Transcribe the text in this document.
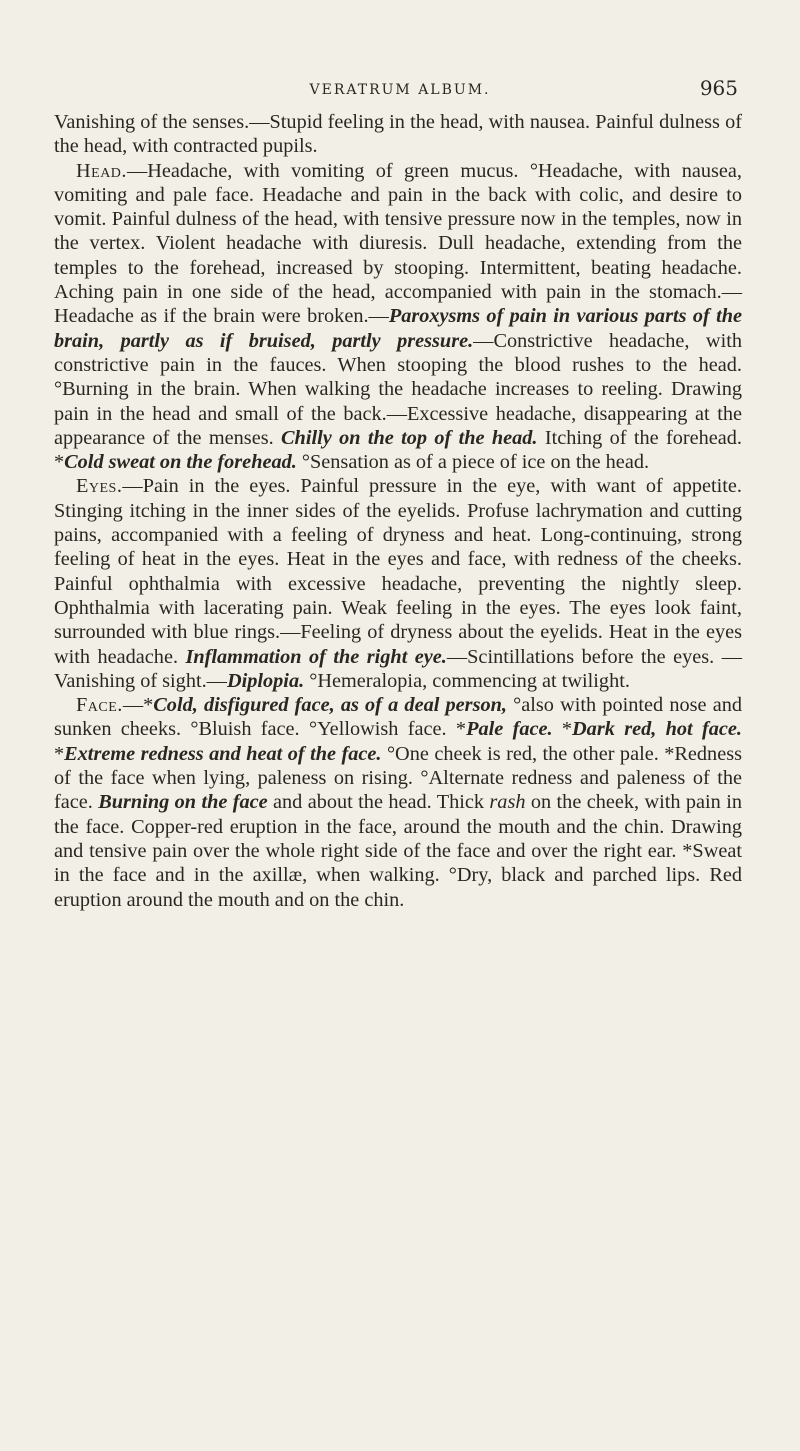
VERATRUM ALBUM.	965

Vanishing of the senses.—Stupid feeling in the head, with nausea. Painful dulness of the head, with contracted pupils.

Head.—Headache, with vomiting of green mucus. °Headache, with nausea, vomiting and pale face. Headache and pain in the back with colic, and desire to vomit. Painful dulness of the head, with tensive pressure now in the temples, now in the vertex. Violent headache with diuresis. Dull headache, extending from the temples to the forehead, increased by stooping. Intermittent, beating headache. Aching pain in one side of the head, accompanied with pain in the stomach.—Headache as if the brain were broken.—Paroxysms of pain in various parts of the brain, partly as if bruised, partly pressure.—Constrictive headache, with constrictive pain in the fauces. When stooping the blood rushes to the head. °Burning in the brain. When walking the headache increases to reeling. Drawing pain in the head and small of the back.—Excessive headache, disappearing at the appearance of the menses. Chilly on the top of the head. Itching of the forehead. *Cold sweat on the forehead. °Sensation as of a piece of ice on the head.

Eyes.—Pain in the eyes. Painful pressure in the eye, with want of appetite. Stinging itching in the inner sides of the eyelids. Profuse lachrymation and cutting pains, accompanied with a feeling of dryness and heat. Long-continuing, strong feeling of heat in the eyes. Heat in the eyes and face, with redness of the cheeks. Painful ophthalmia with excessive headache, preventing the nightly sleep. Ophthalmia with lacerating pain. Weak feeling in the eyes. The eyes look faint, surrounded with blue rings.—Feeling of dryness about the eyelids. Heat in the eyes with headache. Inflammation of the right eye.—Scintillations before the eyes. —Vanishing of sight.—Diplopia. °Hemeralopia, commencing at twilight.

Face.—*Cold, disfigured face, as of a deal person, °also with pointed nose and sunken cheeks. °Bluish face. °Yellowish face. *Pale face. *Dark red, hot face. *Extreme redness and heat of the face. °One cheek is red, the other pale. *Redness of the face when lying, paleness on rising. °Alternate redness and paleness of the face. Burning on the face and about the head. Thick rash on the cheek, with pain in the face. Copper-red eruption in the face, around the mouth and the chin. Drawing and tensive pain over the whole right side of the face and over the right ear. *Sweat in the face and in the axillæ, when walking. °Dry, black and parched lips. Red eruption around the mouth and on the chin.
